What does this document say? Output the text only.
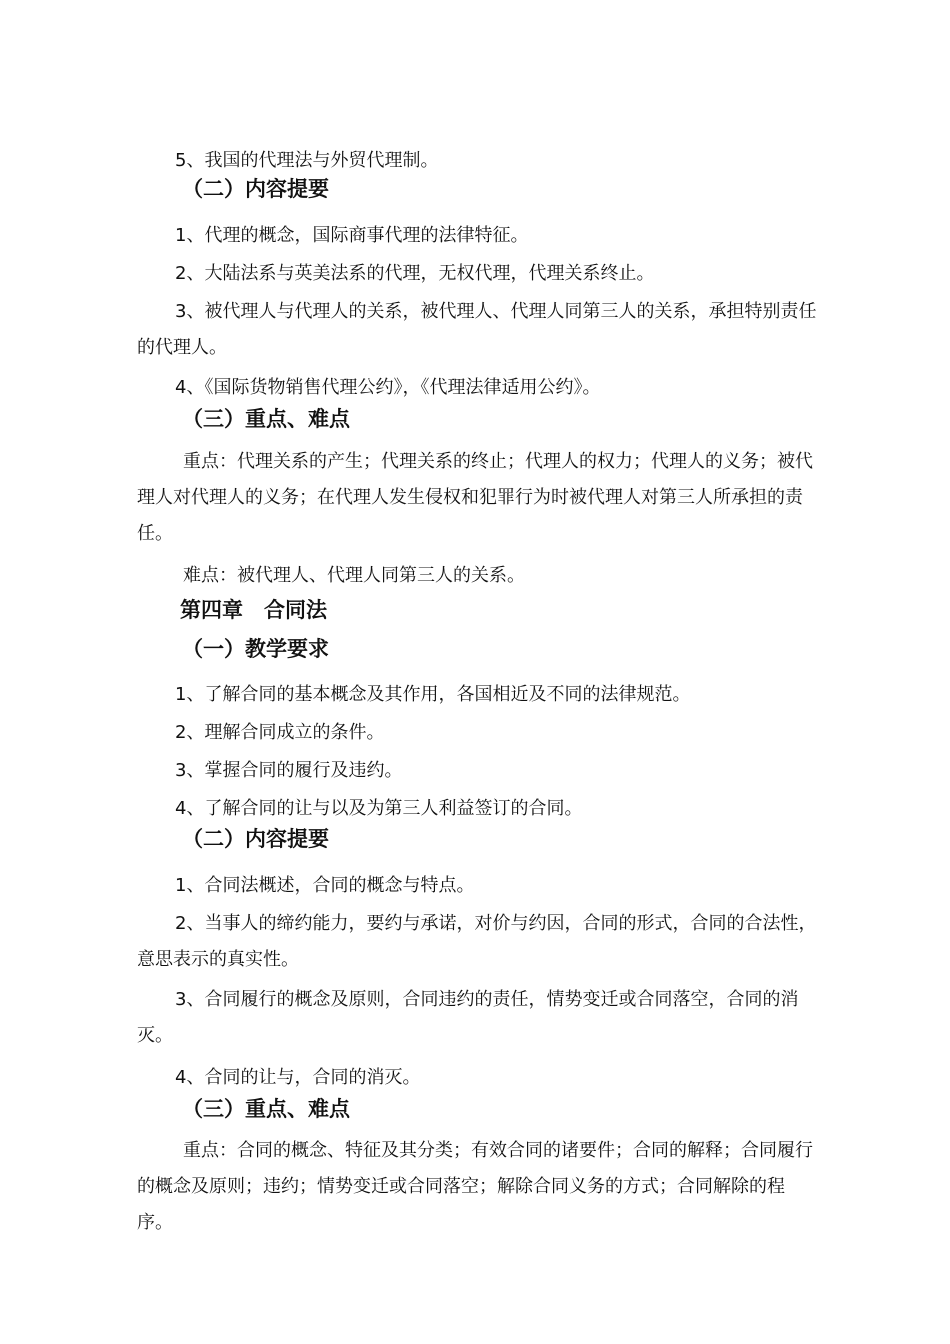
5、我国的代理法与外贸代理制。

（二）内容提要

1、代理的概念，国际商事代理的法律特征。

2、大陆法系与英美法系的代理，无权代理，代理关系终止。

3、被代理人与代理人的关系，被代理人、代理人同第三人的关系，承担特别责任的代理人。

4、《国际货物销售代理公约》，《代理法律适用公约》。

（三）重点、难点

重点：代理关系的产生；代理关系的终止；代理人的权力；代理人的义务；被代理人对代理人的义务；在代理人发生侵权和犯罪行为时被代理人对第三人所承担的责任。

难点：被代理人、代理人同第三人的关系。

第四章　合同法

（一）教学要求

1、了解合同的基本概念及其作用，各国相近及不同的法律规范。

2、理解合同成立的条件。

3、掌握合同的履行及违约。

4、了解合同的让与以及为第三人利益签订的合同。

（二）内容提要

1、合同法概述，合同的概念与特点。

2、当事人的缔约能力，要约与承诺，对价与约因，合同的形式，合同的合法性，意思表示的真实性。

3、合同履行的概念及原则，合同违约的责任，情势变迁或合同落空，合同的消灭。

4、合同的让与，合同的消灭。

（三）重点、难点

重点：合同的概念、特征及其分类；有效合同的诸要件；合同的解释；合同履行的概念及原则；违约；情势变迁或合同落空；解除合同义务的方式；合同解除的程序。
